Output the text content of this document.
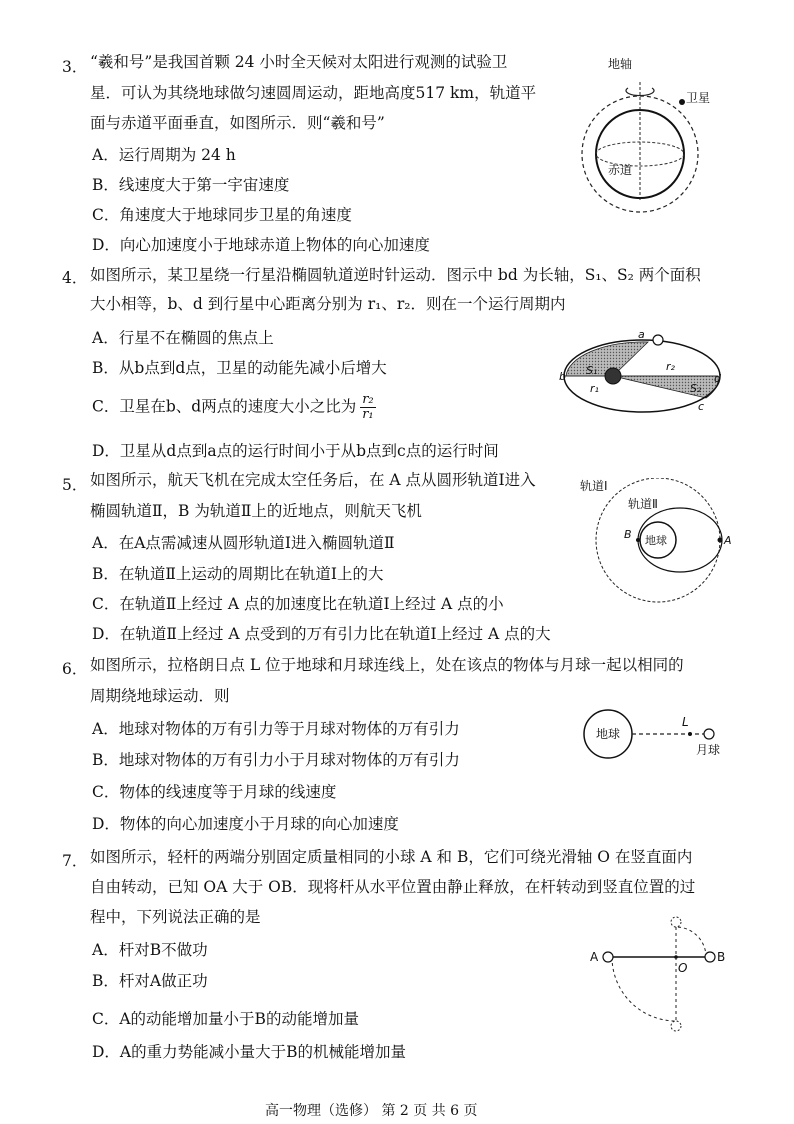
3． “羲和号”是我国首颗 24 小时全天候对太阳进行观测的试验卫
星．可认为其绕地球做匀速圆周运动，距地高度517 km，轨道平
面与赤道平面垂直，如图所示．则“羲和号”
A．运行周期为 24 h
B．线速度大于第一宇宙速度
C．角速度大于地球同步卫星的角速度
D．向心加速度小于地球赤道上物体的向心加速度
地轴
卫星
赤道
4． 如图所示，某卫星绕一行星沿椭圆轨道逆时针运动．图示中 bd 为长轴，S₁、S₂ 两个面积
大小相等，b、d 到行星中心距离分别为 r₁、r₂．则在一个运行周期内
A．行星不在椭圆的焦点上
B．从b点到d点，卫星的动能先减小后增大
C．卫星在b、d两点的速度大小之比为 $\frac{\text{r₂}}{\text{r₁}}$
D．卫星从d点到a点的运行时间小于从b点到c点的运行时间
a
b
c
d
r₁
r₂
S₁
S₂
5． 如图所示，航天飞机在完成太空任务后，在 A 点从圆形轨道Ⅰ进入
椭圆轨道Ⅱ，B 为轨道Ⅱ上的近地点，则航天飞机
A．在A点需减速从圆形轨道Ⅰ进入椭圆轨道Ⅱ
B．在轨道Ⅱ上运动的周期比在轨道Ⅰ上的大
C．在轨道Ⅱ上经过 A 点的加速度比在轨道Ⅰ上经过 A 点的小
D．在轨道Ⅱ上经过 A 点受到的万有引力比在轨道Ⅰ上经过 A 点的大
轨道Ⅰ
轨道Ⅱ
地球
B	A
6． 如图所示，拉格朗日点 L 位于地球和月球连线上，处在该点的物体与月球一起以相同的
周期绕地球运动．则
A．地球对物体的万有引力等于月球对物体的万有引力
B．地球对物体的万有引力小于月球对物体的万有引力
C．物体的线速度等于月球的线速度
D．物体的向心加速度小于月球的向心加速度
地球
L
月球
7． 如图所示，轻杆的两端分别固定质量相同的小球 A 和 B，它们可绕光滑轴 O 在竖直面内
自由转动，已知 OA 大于 OB．现将杆从水平位置由静止释放，在杆转动到竖直位置的过
程中，下列说法正确的是
A．杆对B不做功
B．杆对A做正功
C．A的动能增加量小于B的动能增加量
D．A的重力势能减小量大于B的机械能增加量
A	B
O
高一物理（选修） 第 2 页 共 6 页
